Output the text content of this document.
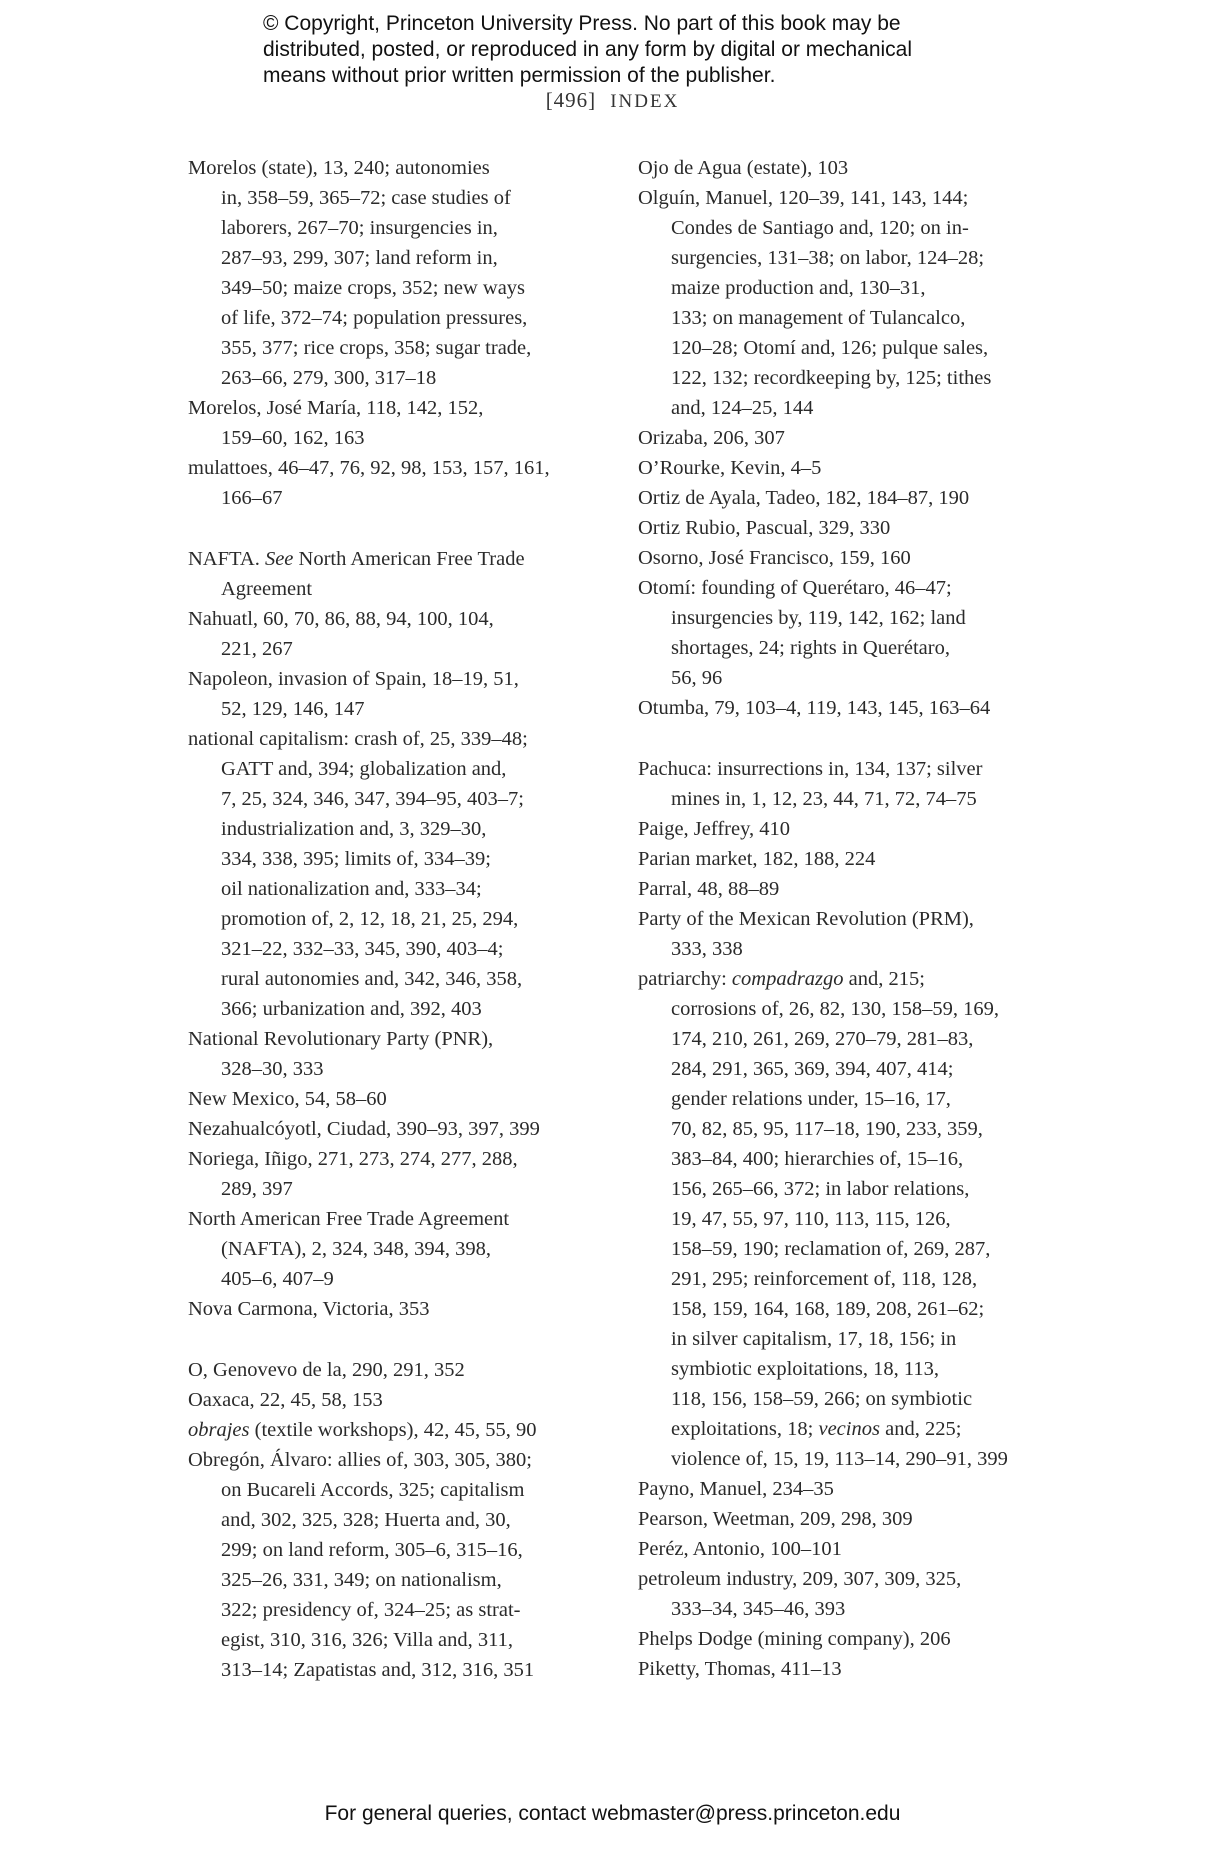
© Copyright, Princeton University Press. No part of this book may be
distributed, posted, or reproduced in any form by digital or mechanical
means without prior written permission of the publisher.
[496] INDEX
Morelos (state), 13, 240; autonomies
in, 358–59, 365–72; case studies of
laborers, 267–70; insurgencies in,
287–93, 299, 307; land reform in,
349–50; maize crops, 352; new ways
of life, 372–74; population pressures,
355, 377; rice crops, 358; sugar trade,
263–66, 279, 300, 317–18
Morelos, José María, 118, 142, 152,
159–60, 162, 163
mulattoes, 46–47, 76, 92, 98, 153, 157, 161,
166–67
NAFTA. See North American Free Trade
Agreement
Nahuatl, 60, 70, 86, 88, 94, 100, 104,
221, 267
Napoleon, invasion of Spain, 18–19, 51,
52, 129, 146, 147
national capitalism: crash of, 25, 339–48;
GATT and, 394; globalization and,
7, 25, 324, 346, 347, 394–95, 403–7;
industrialization and, 3, 329–30,
334, 338, 395; limits of, 334–39;
oil nationalization and, 333–34;
promotion of, 2, 12, 18, 21, 25, 294,
321–22, 332–33, 345, 390, 403–4;
rural autonomies and, 342, 346, 358,
366; urbanization and, 392, 403
National Revolutionary Party (PNR),
328–30, 333
New Mexico, 54, 58–60
Nezahualcóyotl, Ciudad, 390–93, 397, 399
Noriega, Iñigo, 271, 273, 274, 277, 288,
289, 397
North American Free Trade Agreement
(NAFTA), 2, 324, 348, 394, 398,
405–6, 407–9
Nova Carmona, Victoria, 353
O, Genovevo de la, 290, 291, 352
Oaxaca, 22, 45, 58, 153
obrajes (textile workshops), 42, 45, 55, 90
Obregón, Álvaro: allies of, 303, 305, 380;
on Bucareli Accords, 325; capitalism
and, 302, 325, 328; Huerta and, 30,
299; on land reform, 305–6, 315–16,
325–26, 331, 349; on nationalism,
322; presidency of, 324–25; as strat-
egist, 310, 316, 326; Villa and, 311,
313–14; Zapatistas and, 312, 316, 351
Ojo de Agua (estate), 103
Olguín, Manuel, 120–39, 141, 143, 144;
Condes de Santiago and, 120; on in-
surgencies, 131–38; on labor, 124–28;
maize production and, 130–31,
133; on management of Tulancalco,
120–28; Otomí and, 126; pulque sales,
122, 132; recordkeeping by, 125; tithes
and, 124–25, 144
Orizaba, 206, 307
O’Rourke, Kevin, 4–5
Ortiz de Ayala, Tadeo, 182, 184–87, 190
Ortiz Rubio, Pascual, 329, 330
Osorno, José Francisco, 159, 160
Otomí: founding of Querétaro, 46–47;
insurgencies by, 119, 142, 162; land
shortages, 24; rights in Querétaro,
56, 96
Otumba, 79, 103–4, 119, 143, 145, 163–64
Pachuca: insurrections in, 134, 137; silver
mines in, 1, 12, 23, 44, 71, 72, 74–75
Paige, Jeffrey, 410
Parian market, 182, 188, 224
Parral, 48, 88–89
Party of the Mexican Revolution (PRM),
333, 338
patriarchy: compadrazgo and, 215;
corrosions of, 26, 82, 130, 158–59, 169,
174, 210, 261, 269, 270–79, 281–83,
284, 291, 365, 369, 394, 407, 414;
gender relations under, 15–16, 17,
70, 82, 85, 95, 117–18, 190, 233, 359,
383–84, 400; hierarchies of, 15–16,
156, 265–66, 372; in labor relations,
19, 47, 55, 97, 110, 113, 115, 126,
158–59, 190; reclamation of, 269, 287,
291, 295; reinforcement of, 118, 128,
158, 159, 164, 168, 189, 208, 261–62;
in silver capitalism, 17, 18, 156; in
symbiotic exploitations, 18, 113,
118, 156, 158–59, 266; on symbiotic
exploitations, 18; vecinos and, 225;
violence of, 15, 19, 113–14, 290–91, 399
Payno, Manuel, 234–35
Pearson, Weetman, 209, 298, 309
Peréz, Antonio, 100–101
petroleum industry, 209, 307, 309, 325,
333–34, 345–46, 393
Phelps Dodge (mining company), 206
Piketty, Thomas, 411–13
For general queries, contact webmaster@press.princeton.edu
